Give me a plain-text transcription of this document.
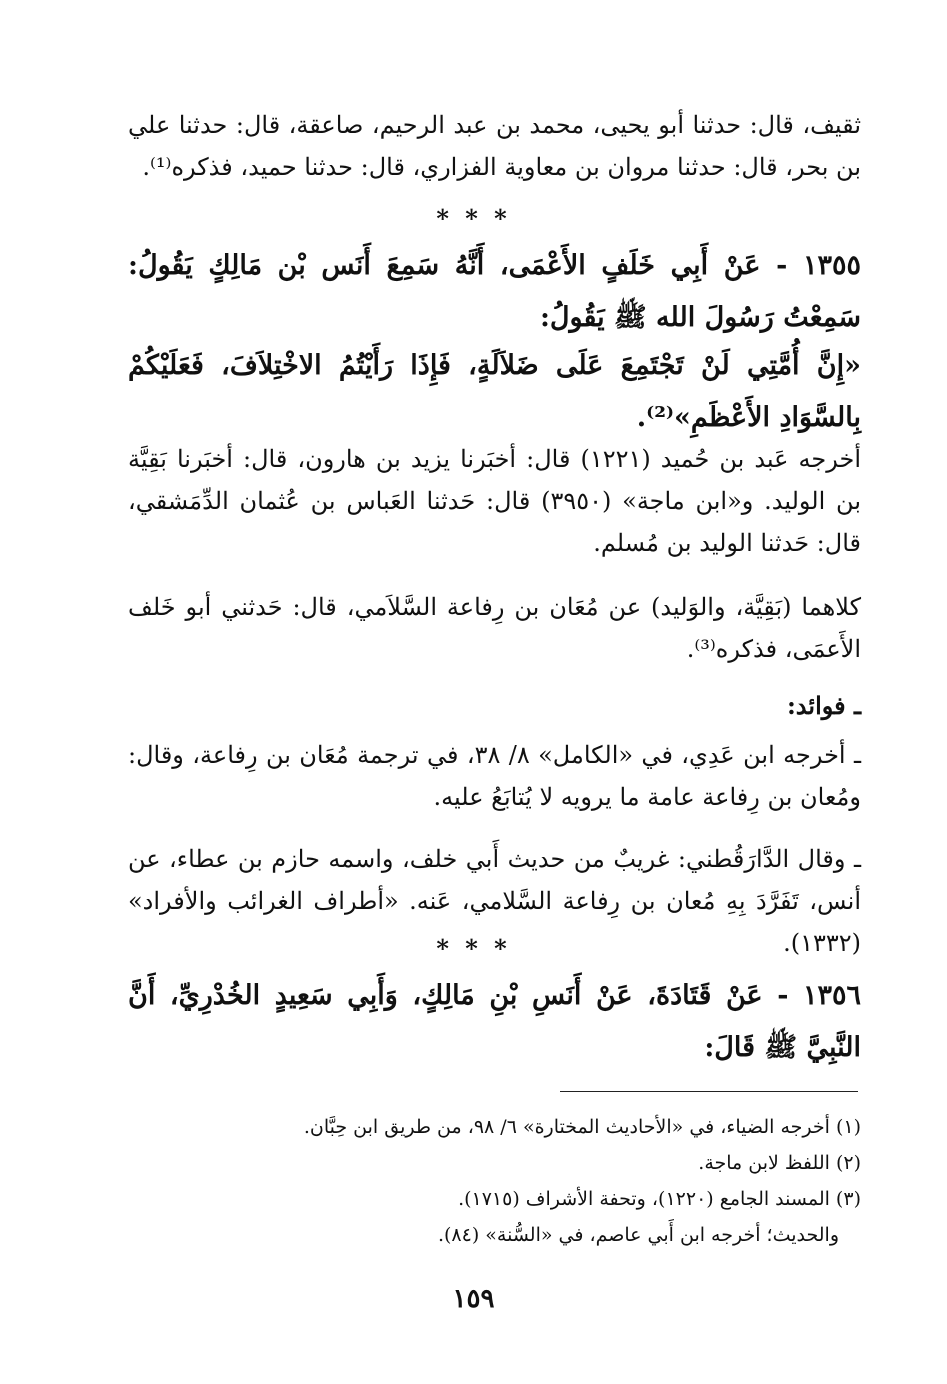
ثقيف، قال: حدثنا أبو يحيى، محمد بن عبد الرحيم، صاعقة، قال: حدثنا علي بن بحر، قال: حدثنا مروان بن معاوية الفزاري، قال: حدثنا حميد، فذكره⁽¹⁾.
* * *
١٣٥٥ - عَنْ أَبِي خَلَفٍ الأَعْمَى، أَنَّهُ سَمِعَ أَنَس بْن مَالِكٍ يَقُولُ: سَمِعْتُ رَسُولَ الله ﷺ يَقُولُ:
«إِنَّ أُمَّتِي لَنْ تَجْتَمِعَ عَلَى ضَلاَلَةٍ، فَإِذَا رَأَيْتُمُ الاخْتِلاَفَ، فَعَلَيْكُمْ بِالسَّوَادِ الأَعْظَمِ»⁽²⁾.
أخرجه عَبد بن حُميد (١٢٢١) قال: أخبَرنا يزيد بن هارون، قال: أخبَرنا بَقِيَّة بن الوليد. و«ابن ماجة» (٣٩٥٠) قال: حَدثنا العَباس بن عُثمان الدِّمَشقي، قال: حَدثنا الوليد بن مُسلم.
كلاهما (بَقِيَّة، والوَليد) عن مُعَان بن رِفاعة السَّلاَمي، قال: حَدثني أبو خَلف الأَعمَى، فذكره⁽³⁾.
ـ فوائد:
ـ أخرجه ابن عَدِي، في «الكامل» ٨/ ٣٨، في ترجمة مُعَان بن رِفاعة، وقال: ومُعان بن رِفاعة عامة ما يرويه لا يُتابَعُ عليه.
ـ وقال الدَّارَقُطني: غريبٌ من حديث أَبي خلف، واسمه حازم بن عطاء، عن أنس، تَفَرَّدَ بِهِ مُعان بن رِفاعة السَّلامي، عَنه. «أطراف الغرائب والأفراد» (١٣٣٢).
* * *
١٣٥٦ - عَنْ قَتَادَةَ، عَنْ أَنَسِ بْنِ مَالِكٍ، وَأَبِي سَعِيدٍ الخُدْرِيِّ، أَنَّ النَّبِيَّ ﷺ قَالَ:
(١) أخرجه الضياء، في «الأحاديث المختارة» ٦/ ٩٨، من طريق ابن حِبَّان.
(٢) اللفظ لابن ماجة.
(٣) المسند الجامع (١٢٢٠)، وتحفة الأشراف (١٧١٥).
والحديث؛ أخرجه ابن أَبي عاصم، في «السُّنة» (٨٤).
١٥٩
